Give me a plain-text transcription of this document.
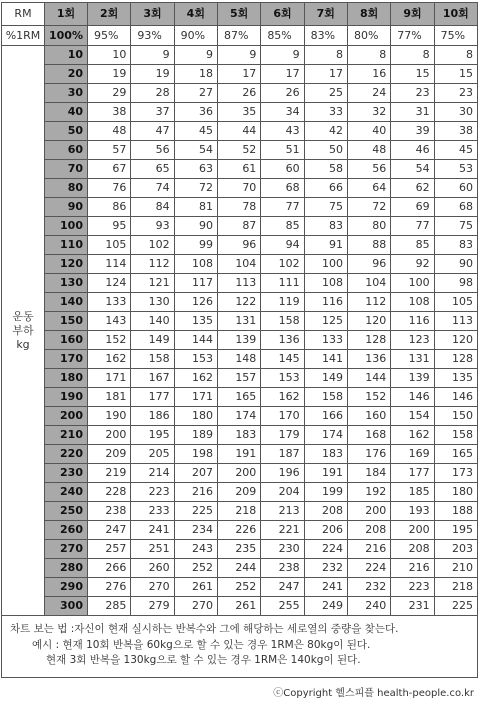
RM	1회	2회	3회	4회	5회	6회	7회	8회	9회	10회
%1RM	100%	95%	93%	90%	87%	85%	83%	80%	77%	75%
운동
부하
kg	10	10	9	9	9	9	8	8	8	8
	20	19	19	18	17	17	17	16	15	15
	30	29	28	27	26	26	25	24	23	23
	40	38	37	36	35	34	33	32	31	30
	50	48	47	45	44	43	42	40	39	38
	60	57	56	54	52	51	50	48	46	45
	70	67	65	63	61	60	58	56	54	53
	80	76	74	72	70	68	66	64	62	60
	90	86	84	81	78	77	75	72	69	68
	100	95	93	90	87	85	83	80	77	75
	110	105	102	99	96	94	91	88	85	83
	120	114	112	108	104	102	100	96	92	90
	130	124	121	117	113	111	108	104	100	98
	140	133	130	126	122	119	116	112	108	105
	150	143	140	135	131	158	125	120	116	113
	160	152	149	144	139	136	133	128	123	120
	170	162	158	153	148	145	141	136	131	128
	180	171	167	162	157	153	149	144	139	135
	190	181	177	171	165	162	158	152	146	146
	200	190	186	180	174	170	166	160	154	150
	210	200	195	189	183	179	174	168	162	158
	220	209	205	198	191	187	183	176	169	165
	230	219	214	207	200	196	191	184	177	173
	240	228	223	216	209	204	199	192	185	180
	250	238	233	225	218	213	208	200	193	188
	260	247	241	234	226	221	206	208	200	195
	270	257	251	243	235	230	224	216	208	203
	280	266	260	252	244	238	232	224	216	210
	290	276	270	261	252	247	241	232	223	218
	300	285	279	270	261	255	249	240	231	225
차트 보는 법 :자신이 현재 실시하는 반복수와 그에 해당하는 세로열의 중량을 찾는다.
예시 : 현재 10회 반복을 60kg으로 할 수 있는 경우 1RM은 80kg이 된다.
현재 3회 반복을 130kg으로 할 수 있는 경우 1RM은 140kg이 된다.
ⓒCopyright 헬스피플 health-people.co.kr
